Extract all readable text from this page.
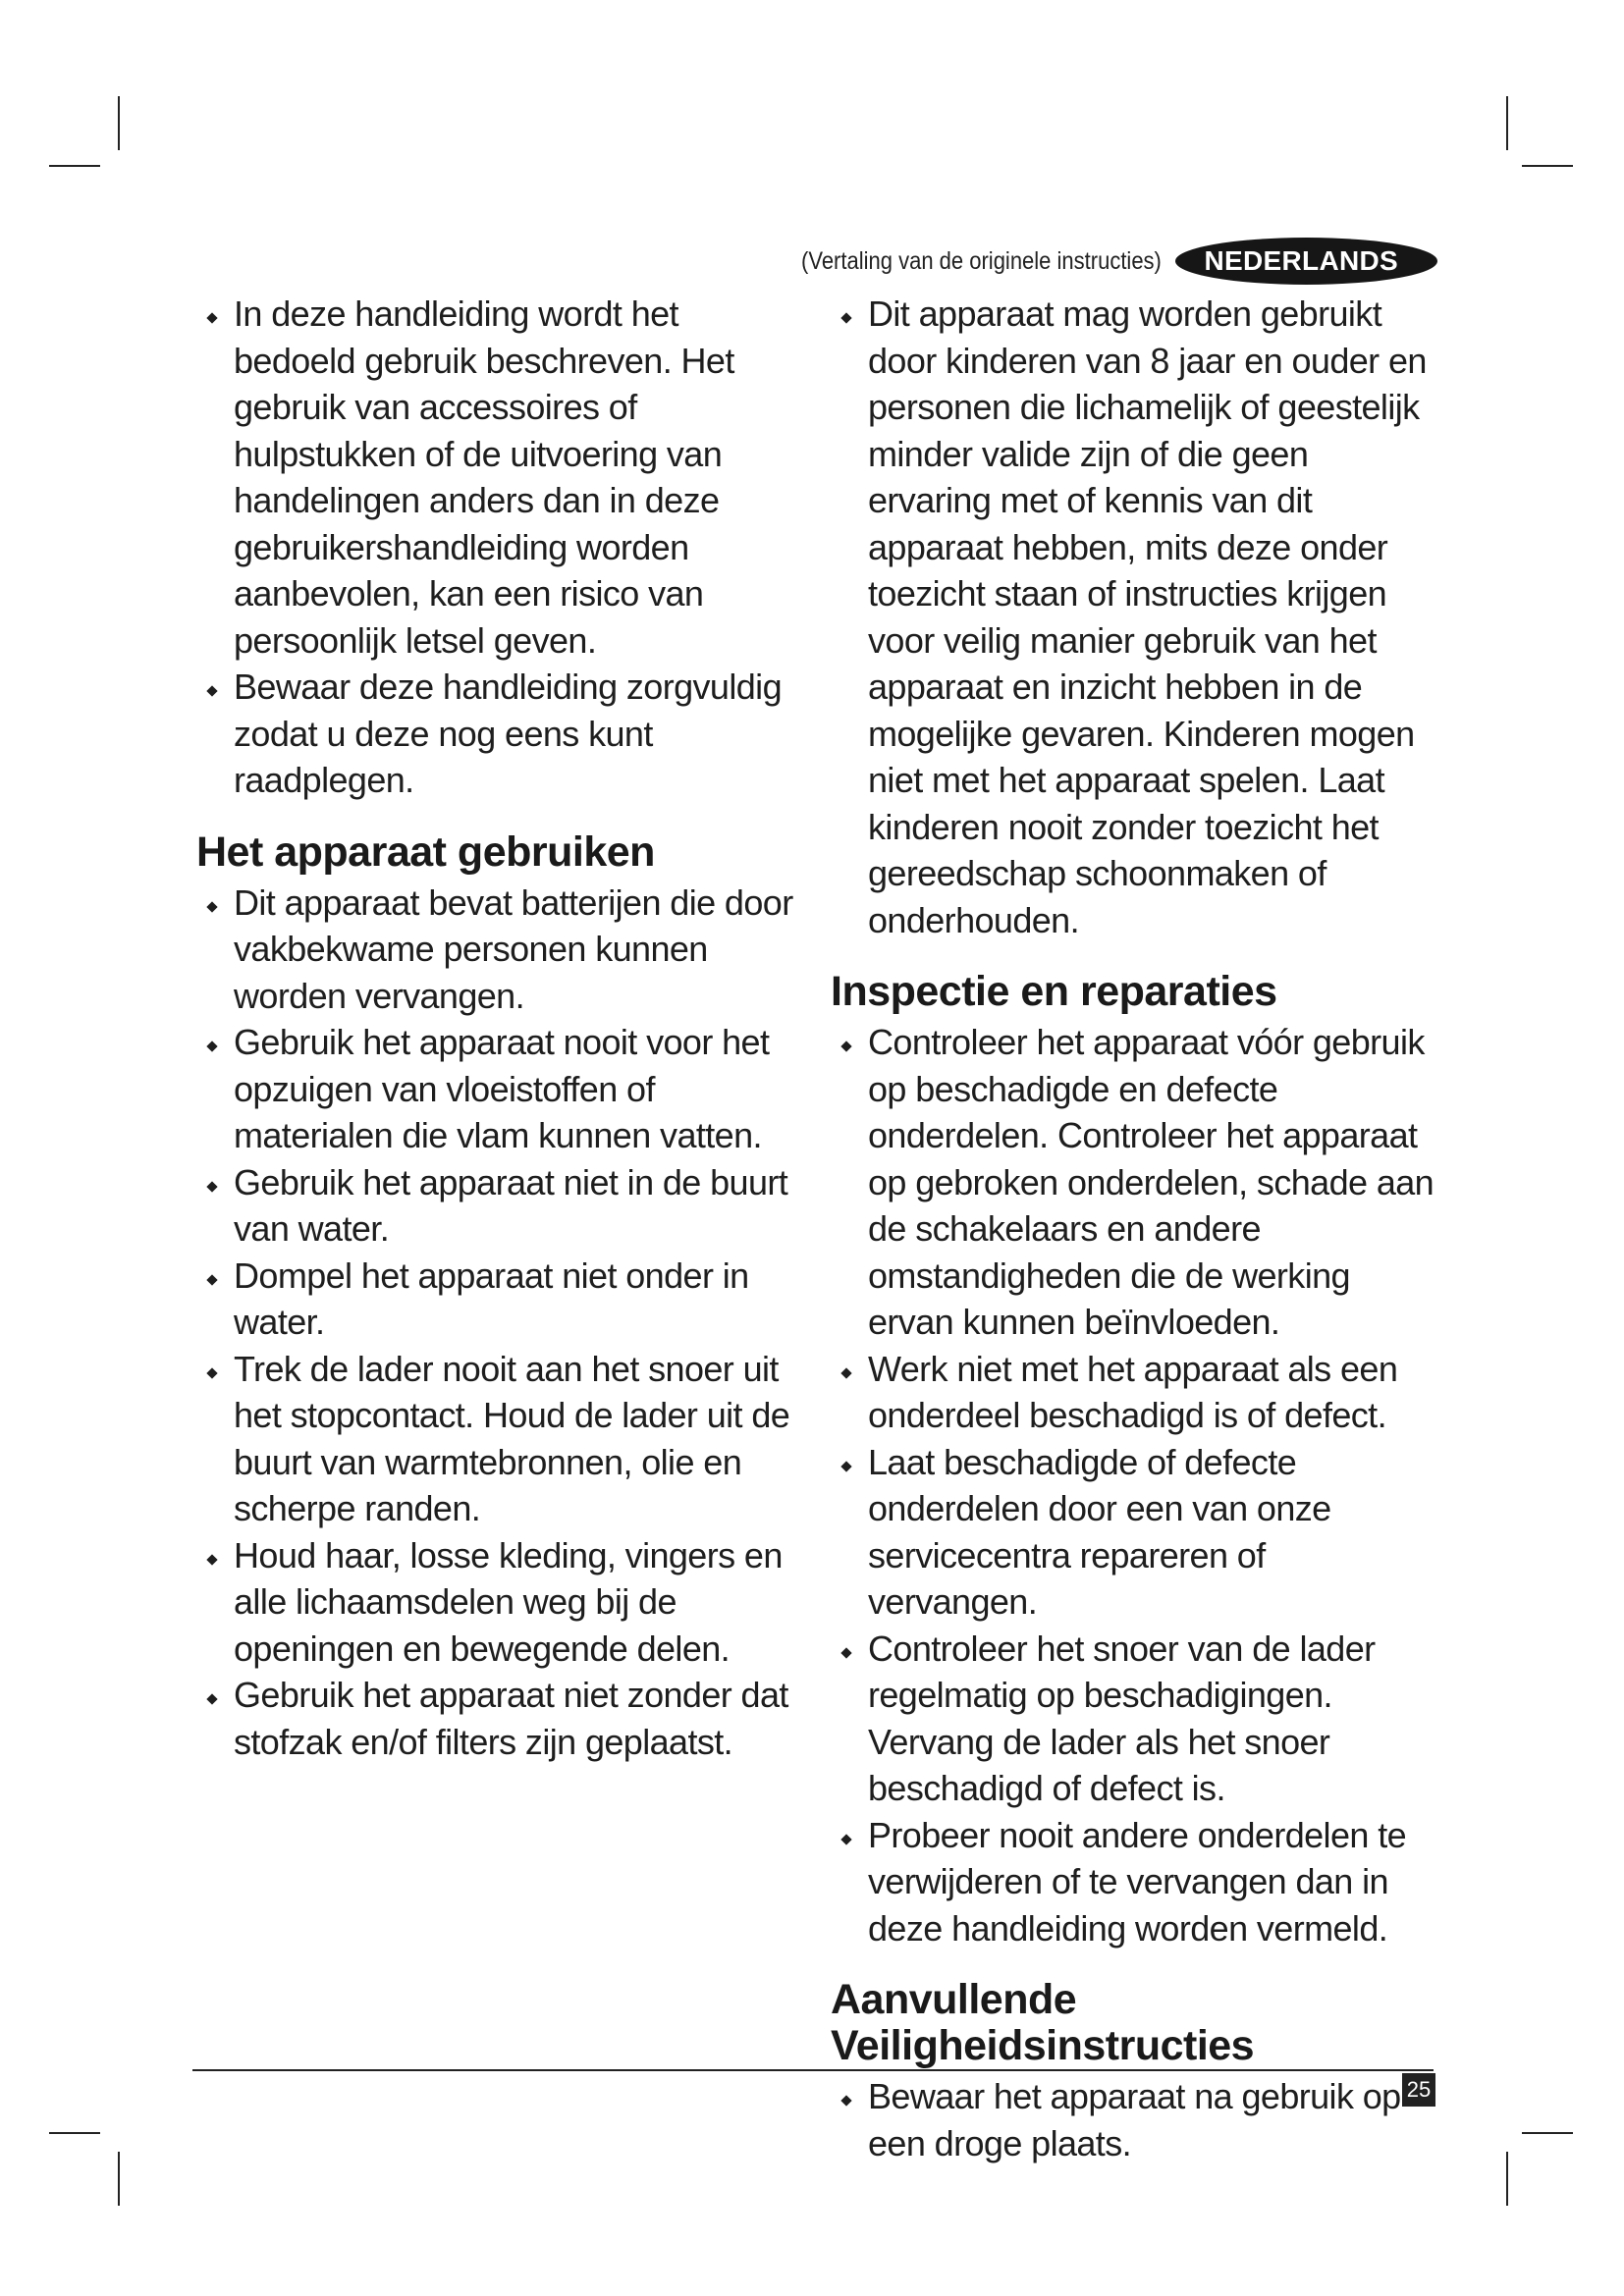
(Vertaling van de originele instructies)	NEDERLANDS
In deze handleiding wordt het bedoeld gebruik beschreven. Het gebruik van accessoires of hulpstukken of de uitvoering van handelingen anders dan in deze gebruikershandleiding worden aanbevolen, kan een risico van persoonlijk letsel geven.
Bewaar deze handleiding zorgvuldig zodat u deze nog eens kunt raadplegen.
Het apparaat gebruiken
Dit apparaat bevat batterijen die door vakbekwame personen kunnen worden vervangen.
Gebruik het apparaat nooit voor het opzuigen van vloeistoffen of materialen die vlam kunnen vatten.
Gebruik het apparaat niet in de buurt van water.
Dompel het apparaat niet onder in water.
Trek de lader nooit aan het snoer uit het stopcontact. Houd de lader uit de buurt van warmtebronnen, olie en scherpe randen.
Houd haar, losse kleding, vingers en alle lichaamsdelen weg bij de openingen en bewegende delen.
Gebruik het apparaat niet zonder dat stofzak en/of filters zijn geplaatst.
Dit apparaat mag worden gebruikt door kinderen van 8 jaar en ouder en personen die lichamelijk of geestelijk minder valide zijn of die geen ervaring met of kennis van dit apparaat hebben, mits deze onder toezicht staan of instructies krijgen voor veilig manier gebruik van het apparaat en inzicht hebben in de mogelijke gevaren. Kinderen mogen niet met het apparaat spelen. Laat kinderen nooit zonder toezicht het gereedschap schoonmaken of onderhouden.
Inspectie en reparaties
Controleer het apparaat vóór gebruik op beschadigde en defecte onderdelen. Controleer het apparaat op gebroken onderdelen, schade aan de schakelaars en andere omstandigheden die de werking ervan kunnen beïnvloeden.
Werk niet met het apparaat als een onderdeel beschadigd is of defect.
Laat beschadigde of defecte onderdelen door een van onze servicecentra repareren of vervangen.
Controleer het snoer van de lader regelmatig op beschadigingen. Vervang de lader als het snoer beschadigd of defect is.
Probeer nooit andere onderdelen te verwijderen of te vervangen dan in deze handleiding worden vermeld.
Aanvullende
Veiligheidsinstructies
Bewaar het apparaat na gebruik op een droge plaats.
25
